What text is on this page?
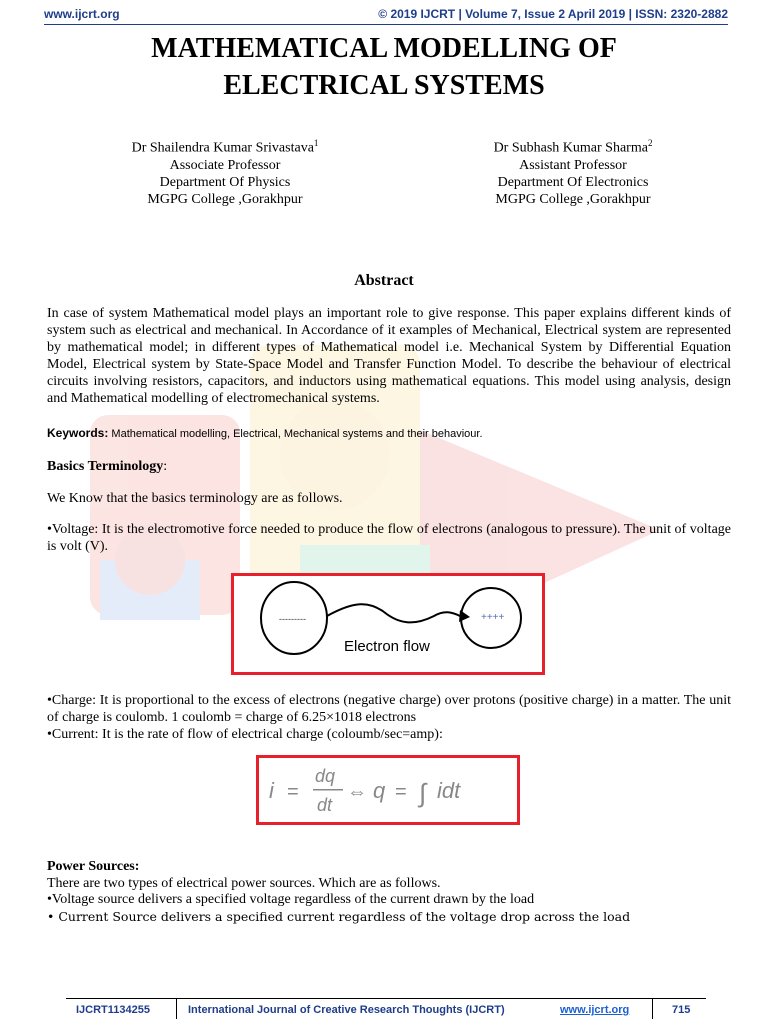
www.ijcrt.org	© 2019 IJCRT | Volume 7, Issue 2 April 2019 | ISSN: 2320-2882
MATHEMATICAL MODELLING OF
ELECTRICAL SYSTEMS
Dr Shailendra Kumar Srivastava$^1$
Associate Professor
Department Of Physics
MGPG College ,Gorakhpur
Dr Subhash Kumar Sharma$^2$
Assistant Professor
Department Of Electronics
MGPG College ,Gorakhpur
Abstract

In case of system Mathematical model plays an important role to give response. This paper explains different kinds of system such as electrical and mechanical. In Accordance of it examples of Mechanical, Electrical system are represented by mathematical model; in different types of Mathematical model i.e. Mechanical System by Differential Equation Model, Electrical system by State-Space Model and Transfer Function Model. To describe the behaviour of electrical circuits involving resistors, capacitors, and inductors using mathematical equations. This model using analysis, design and Mathematical modelling of electromechanical systems.

Keywords: Mathematical modelling, Electrical, Mechanical systems and their behaviour.

Basics Terminology:

We Know that the basics terminology are as follows.

•Voltage: It is the electromotive force needed to produce the flow of electrons (analogous to pressure). The unit of voltage is volt (V).

---------	++++
Electron flow

•Charge: It is proportional to the excess of electrons (negative charge) over protons (positive charge) in a matter. The unit of charge is coulomb. 1 coulomb = charge of 6.25×1018 electrons

•Current: It is the rate of flow of electrical charge (coloumb/sec=amp):

i =
dq
dt
⇔ q = ∫ idt

Power Sources:

There are two types of electrical power sources. Which are as follows.

•Voltage source delivers a specified voltage regardless of the current drawn by the load

• Current Source delivers a specified current regardless of the voltage drop across the load

IJCRT1134255	International Journal of Creative Research Thoughts (IJCRT)	www.ijcrt.org	715
